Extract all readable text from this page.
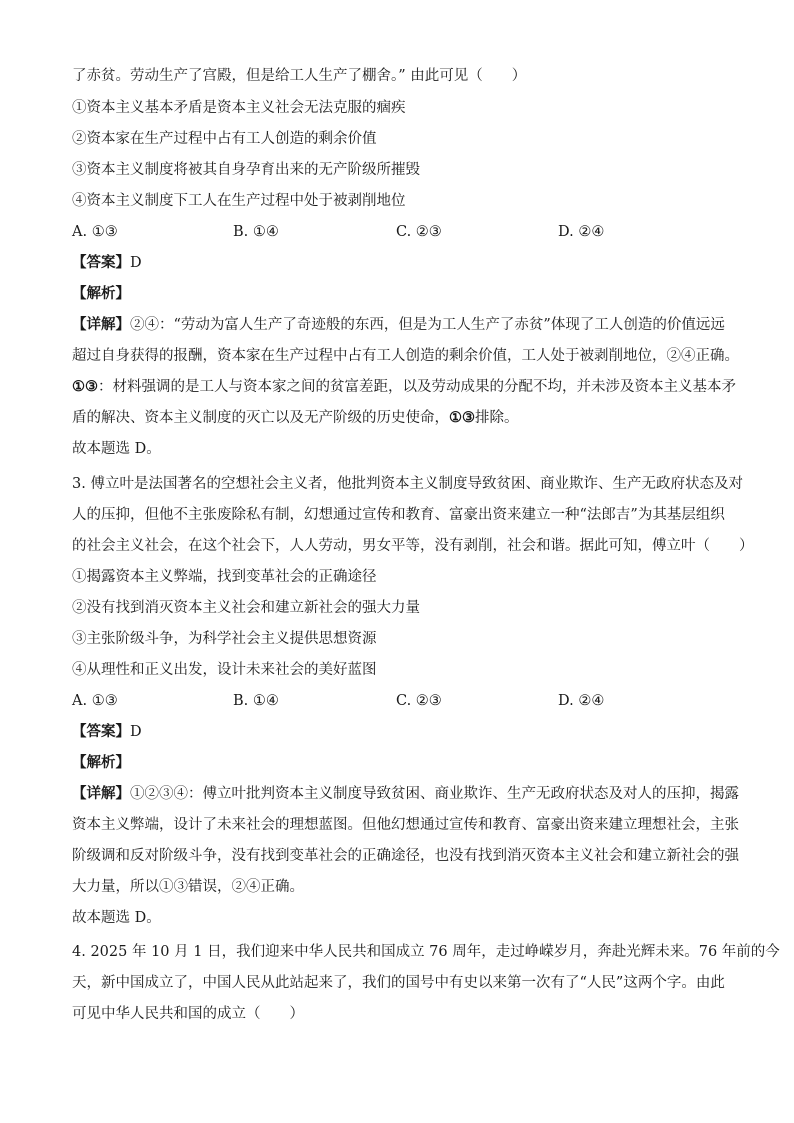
了赤贫。劳动生产了宫殿，但是给工人生产了棚舍。” 由此可见（　　）
①资本主义基本矛盾是资本主义社会无法克服的痼疾
②资本家在生产过程中占有工人创造的剩余价值
③资本主义制度将被其自身孕育出来的无产阶级所摧毁
④资本主义制度下工人在生产过程中处于被剥削地位
A. ①③	B. ①④	C. ②③	D. ②④
【答案】D
【解析】
【详解】②④：“劳动为富人生产了奇迹般的东西，但是为工人生产了赤贫”体现了工人创造的价值远远
超过自身获得的报酬，资本家在生产过程中占有工人创造的剩余价值，工人处于被剥削地位，②④正确。
①③：材料强调的是工人与资本家之间的贫富差距，以及劳动成果的分配不均，并未涉及资本主义基本矛
盾的解决、资本主义制度的灭亡以及无产阶级的历史使命，①③排除。
故本题选 D。
3. 傅立叶是法国著名的空想社会主义者，他批判资本主义制度导致贫困、商业欺诈、生产无政府状态及对
人的压抑，但他不主张废除私有制，幻想通过宣传和教育、富豪出资来建立一种“法郎吉”为其基层组织
的社会主义社会，在这个社会下，人人劳动，男女平等，没有剥削，社会和谐。据此可知，傅立叶（　　）
①揭露资本主义弊端，找到变革社会的正确途径
②没有找到消灭资本主义社会和建立新社会的强大力量
③主张阶级斗争，为科学社会主义提供思想资源
④从理性和正义出发，设计未来社会的美好蓝图
A. ①③	B. ①④	C. ②③	D. ②④
【答案】D
【解析】
【详解】①②③④：傅立叶批判资本主义制度导致贫困、商业欺诈、生产无政府状态及对人的压抑，揭露
资本主义弊端，设计了未来社会的理想蓝图。但他幻想通过宣传和教育、富豪出资来建立理想社会，主张
阶级调和反对阶级斗争，没有找到变革社会的正确途径，也没有找到消灭资本主义社会和建立新社会的强
大力量，所以①③错误，②④正确。
故本题选 D。
4. 2025 年 10 月 1 日，我们迎来中华人民共和国成立 76 周年，走过峥嵘岁月，奔赴光辉未来。76 年前的今
天，新中国成立了，中国人民从此站起来了，我们的国号中有史以来第一次有了“人民”这两个字。由此
可见中华人民共和国的成立（　　）
